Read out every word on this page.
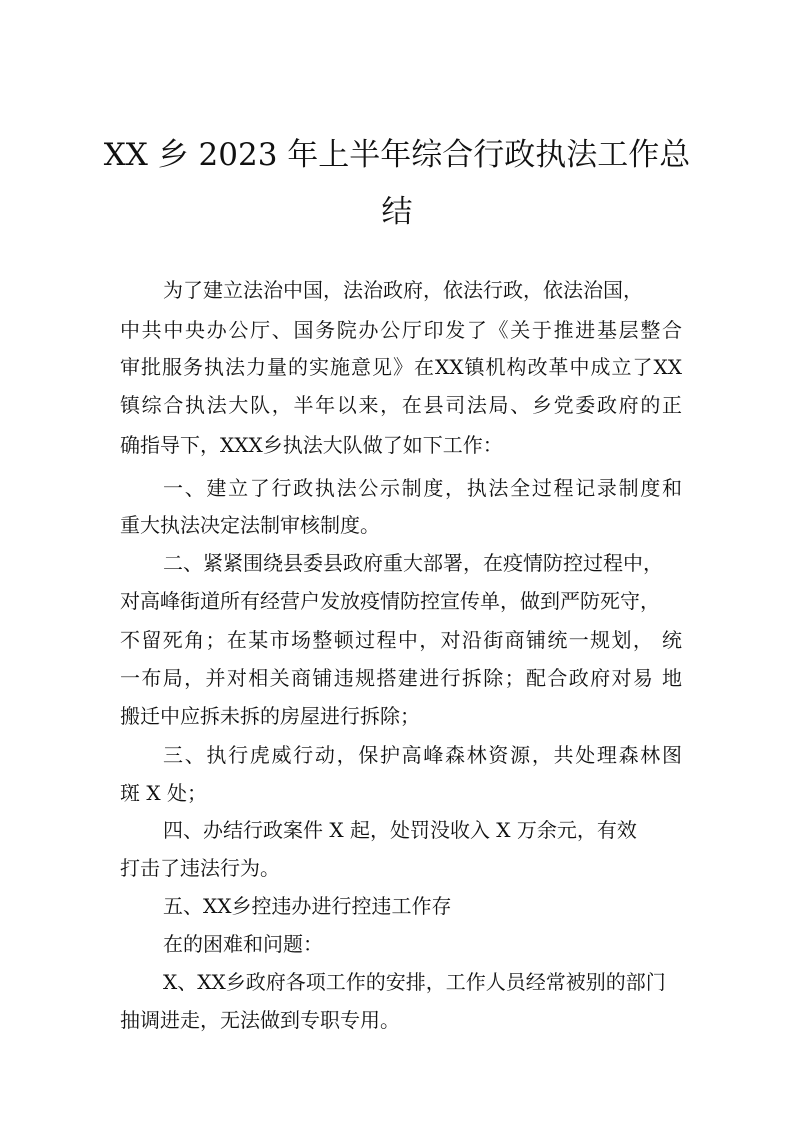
XX 乡 2023 年上半年综合行政执法工作总
结
为了建立法治中国，法治政府，依法行政，依法治国，
中共中央办公厅、国务院办公厅印发了《关于推进基层整合
审批服务执法力量的实施意见》在XX镇机构改革中成立了XX
镇综合执法大队，半年以来，在县司法局、乡党委政府的正
确指导下，XXX乡执法大队做了如下工作：
一、建立了行政执法公示制度，执法全过程记录制度和
重大执法决定法制审核制度。
二、紧紧围绕县委县政府重大部署，在疫情防控过程中，
对高峰街道所有经营户发放疫情防控宣传单，做到严防死守，
不留死角；在某市场整顿过程中，对沿街商铺统一规划， 统
一布局，并对相关商铺违规搭建进行拆除；配合政府对易 地
搬迁中应拆未拆的房屋进行拆除；
三、执行虎威行动，保护高峰森林资源，共处理森林图
斑 X 处；
四、办结行政案件 X 起，处罚没收入 X 万余元，有效
打击了违法行为。
五、XX乡控违办进行控违工作存
在的困难和问题：
X、XX乡政府各项工作的安排，工作人员经常被别的部门
抽调进走，无法做到专职专用。
